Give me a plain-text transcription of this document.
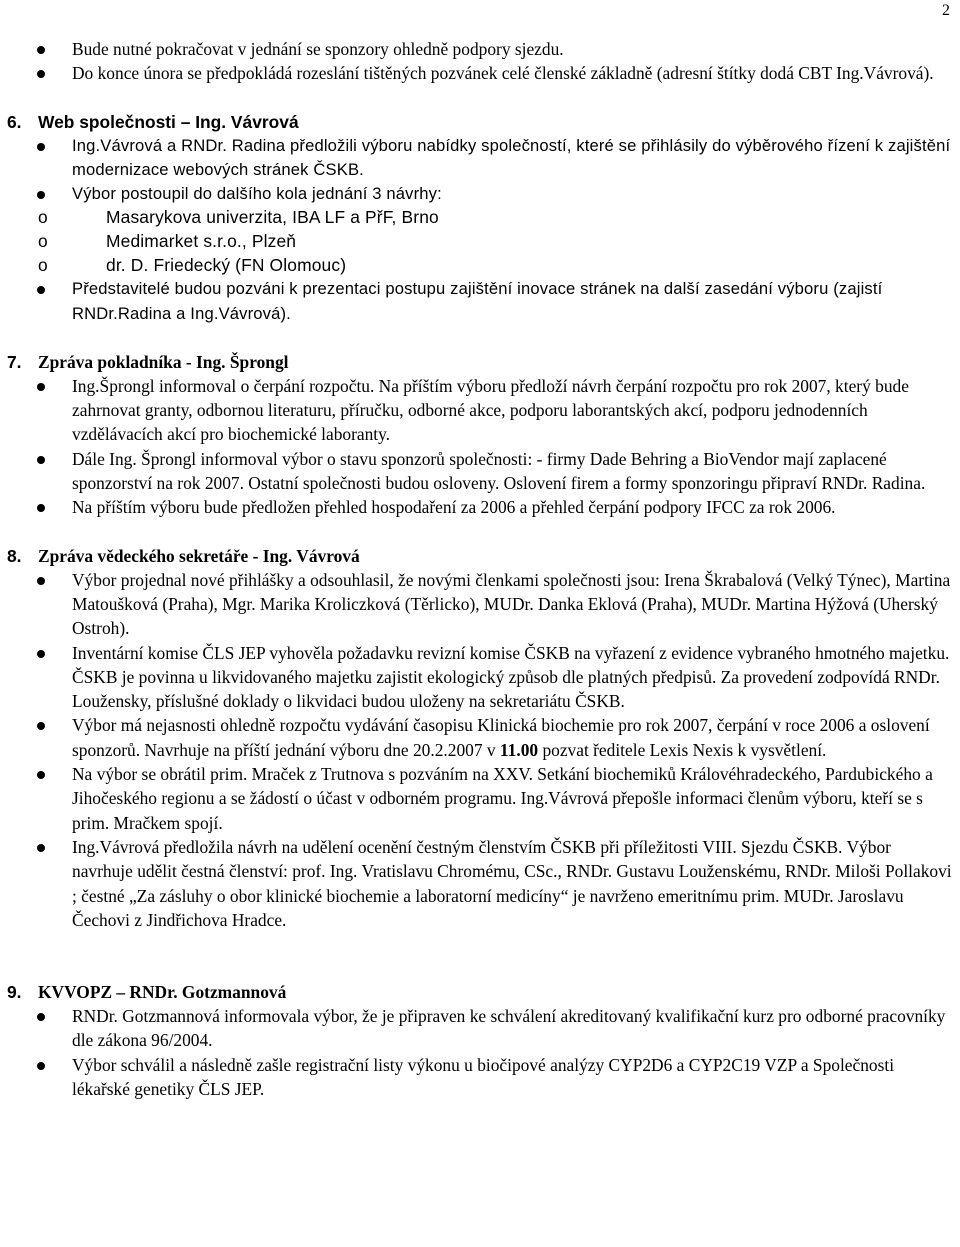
2
Bude nutné pokračovat v jednání se sponzory ohledně podpory sjezdu.
Do konce února se předpokládá rozeslání tištěných pozvánek celé členské základně (adresní štítky dodá CBT Ing.Vávrová).
6. Web společnosti – Ing. Vávrová
Ing.Vávrová a RNDr. Radina předložili výboru nabídky společností, které se přihlásily do výběrového řízení k zajištění modernizace webových stránek ČSKB.
Výbor postoupil do dalšího kola jednání 3 návrhy:
o	Masarykova univerzita, IBA LF a PřF, Brno
o	Medimarket s.r.o., Plzeň
o	dr. D. Friedecký (FN Olomouc)
Představitelé budou pozváni k prezentaci postupu zajištění inovace stránek na další zasedání výboru (zajistí RNDr.Radina a Ing.Vávrová).
7. Zpráva pokladníka - Ing. Šprongl
Ing.Šprongl informoval o čerpání rozpočtu. Na příštím výboru předloží návrh čerpání rozpočtu pro rok 2007, který bude zahrnovat granty, odbornou literaturu, příručku, odborné akce, podporu laborantských akcí, podporu jednodenních vzdělávacích akcí pro biochemické laboranty.
Dále Ing. Šprongl informoval výbor o stavu sponzorů společnosti: - firmy Dade Behring a BioVendor mají zaplacené sponzorství na rok 2007. Ostatní společnosti budou osloveny. Oslovení firem a formy sponzoringu připraví RNDr. Radina.
Na příštím výboru bude předložen přehled hospodaření za 2006 a přehled čerpání podpory IFCC za rok 2006.
8. Zpráva vědeckého sekretáře - Ing. Vávrová
Výbor projednal nové přihlášky a odsouhlasil, že novými členkami společnosti jsou: Irena Škrabalová (Velký Týnec), Martina Matoušková (Praha), Mgr. Marika Kroliczková (Těrlicko), MUDr. Danka Eklová (Praha), MUDr. Martina Hýžová (Uherský Ostroh).
Inventární komise ČLS JEP vyhověla požadavku revizní komise ČSKB na vyřazení z evidence vybraného hmotného majetku. ČSKB je povinna u likvidovaného majetku zajistit ekologický způsob dle platných předpisů. Za provedení zodpovídá RNDr. Loužensky, příslušné doklady o likvidaci budou uloženy na sekretariátu ČSKB.
Výbor má nejasnosti ohledně rozpočtu vydávání časopisu Klinická biochemie pro rok 2007, čerpání v roce 2006 a oslovení sponzorů. Navrhuje na příští jednání výboru dne 20.2.2007 v 11.00 pozvat ředitele Lexis Nexis k vysvětlení.
Na výbor se obrátil prim. Mraček z Trutnova s pozváním na XXV. Setkání biochemiků Královéhradeckého, Pardubického a Jihočeského regionu a se žádostí o účast v odborném programu. Ing.Vávrová přepošle informaci členům výboru, kteří se s prim. Mračkem spojí.
Ing.Vávrová předložila návrh na udělení ocenění čestným členstvím ČSKB při příležitosti VIII. Sjezdu ČSKB. Výbor navrhuje udělit čestná členství: prof. Ing. Vratislavu Chromému, CSc., RNDr. Gustavu Louženskému, RNDr. Miloši Pollakovi ; čestné „Za zásluhy o obor klinické biochemie a laboratorní medicíny“ je navrženo emeritnímu prim. MUDr. Jaroslavu Čechovi z Jindřichova Hradce.
9. KVVOPZ – RNDr. Gotzmannová
RNDr. Gotzmannová informovala výbor, že je připraven ke schválení akreditovaný kvalifikační kurz pro odborné pracovníky dle zákona 96/2004.
Výbor schválil a následně zašle registrační listy výkonu u biočipové analýzy CYP2D6 a CYP2C19 VZP a Společnosti lékařské genetiky ČLS JEP.
